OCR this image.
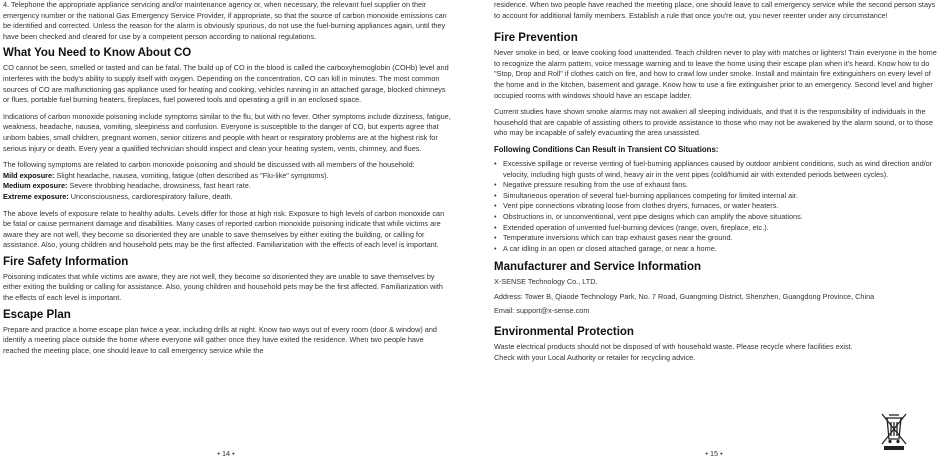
4. Telephone the appropriate appliance servicing and/or maintenance agency or, when necessary, the relevant fuel supplier on their emergency number or the national Gas Emergency Service Provider, if appropriate, so that the source of carbon monoxide emissions can be identified and corrected. Unless the reason for the alarm is obviously spurious, do not use the fuel-burning appliances again, until they have been checked and cleared for use by a competent person according to national regulations.

What You Need to Know About CO

CO cannot be seen, smelled or tasted and can be fatal. The build up of CO in the blood is called the carboxyhemoglobin (COHb) level and interferes with the body's ability to supply itself with oxygen. Depending on the concentration, CO can kill in minutes. The most common sources of CO are malfunctioning gas appliance used for heating and cooking, vehicles running in an attached garage, blocked chimneys or flues, portable fuel burning heaters, fireplaces, fuel powered tools and operating a grill in an enclosed space.

Indications of carbon monoxide poisoning include symptoms similar to the flu, but with no fever. Other symptoms include dizziness, fatigue, weakness, headache, nausea, vomiting, sleepiness and confusion. Everyone is susceptible to the danger of CO, but experts agree that unborn babies, small children, pregnant women, senior citizens and people with heart or respiratory problems are at the highest risk for serious injury or death. Every year a qualified technician should inspect and clean your heating system, vents, chimney, and flues.

The following symptoms are related to carbon monoxide poisoning and should be discussed with all members of the household:

Mild exposure: Slight headache, nausea, vomiting, fatigue (often described as "Flu-like" symptoms).

Medium exposure: Severe throbbing headache, drowsiness, fast heart rate.

Extreme exposure: Unconsciousness, cardiorespiratory failure, death.

The above levels of exposure relate to healthy adults. Levels differ for those at high risk. Exposure to high levels of carbon monoxide can be fatal or cause permanent damage and disabilities. Many cases of reported carbon monoxide poisoning indicate that while victims are aware they are not well, they become so disoriented they are unable to save themselves by either exiting the building, or calling for assistance. Also, young children and household pets may be the first affected. Familiarization with the effects of each level is important.

Fire Safety Information

Poisoning indicates that while victims are aware, they are not well, they become so disoriented they are unable to save themselves by either exiting the building or calling for assistance. Also, young children and household pets may be the first affected. Familiarization with the effects of each level is important.

Escape Plan

Prepare and practice a home escape plan twice a year, including drills at night. Know two ways out of every room (door & window) and identify a meeting place outside the home where everyone will gather once they have exited the residence. When two people have reached the meeting place, one should leave to call emergency service while the

• 14 •

residence. When two people have reached the meeting place, one should leave to call emergency service while the second person stays to account for additional family members. Establish a rule that once you're out, you never reenter under any circumstance!

Fire Prevention

Never smoke in bed, or leave cooking food unattended. Teach children never to play with matches or lighters! Train everyone in the home to recognize the alarm pattern, voice message warning and to leave the home using their escape plan when it's heard. Know how to do "Stop, Drop and Roll" if clothes catch on fire, and how to crawl low under smoke. Install and maintain fire extinguishers on every level of the home and in the kitchen, basement and garage. Know how to use a fire extinguisher prior to an emergency. Second level and higher occupied rooms with windows should have an escape ladder.

Current studies have shown smoke alarms may not awaken all sleeping individuals, and that it is the responsibility of individuals in the household that are capable of assisting others to provide assistance to those who may not be awakened by the alarm sound, or to those who may be incapable of safely evacuating the area unassisted.

Following Conditions Can Result in Transient CO Situations:
• Excessive spillage or reverse venting of fuel-burning appliances caused by outdoor ambient conditions, such as wind direction and/or velocity, including high gusts of wind, heavy air in the vent pipes (cold/humid air with extended periods between cycles).
• Negative pressure resulting from the use of exhaust fans.
• Simultaneous operation of several fuel-burning appliances competing for limited internal air.
• Vent pipe connections vibrating loose from clothes dryers, furnaces, or water heaters.
• Obstructions in, or unconventional, vent pipe designs which can amplify the above situations.
• Extended operation of unvented fuel-burning devices (range, oven, fireplace, etc.).
• Temperature inversions which can trap exhaust gases near the ground.
• A car idling in an open or closed attached garage, or near a home.
Manufacturer and Service Information

X-SENSE Technology Co., LTD.

Address: Tower B, Qiaode Technology Park, No. 7 Road, Guangming District, Shenzhen, Guangdong Province, China

Email: support@x-sense.com

Environmental Protection

Waste electrical products should not be disposed of with household waste. Please recycle where facilities exist. Check with your Local Authority or retailer for recycling advice.

• 15 •
